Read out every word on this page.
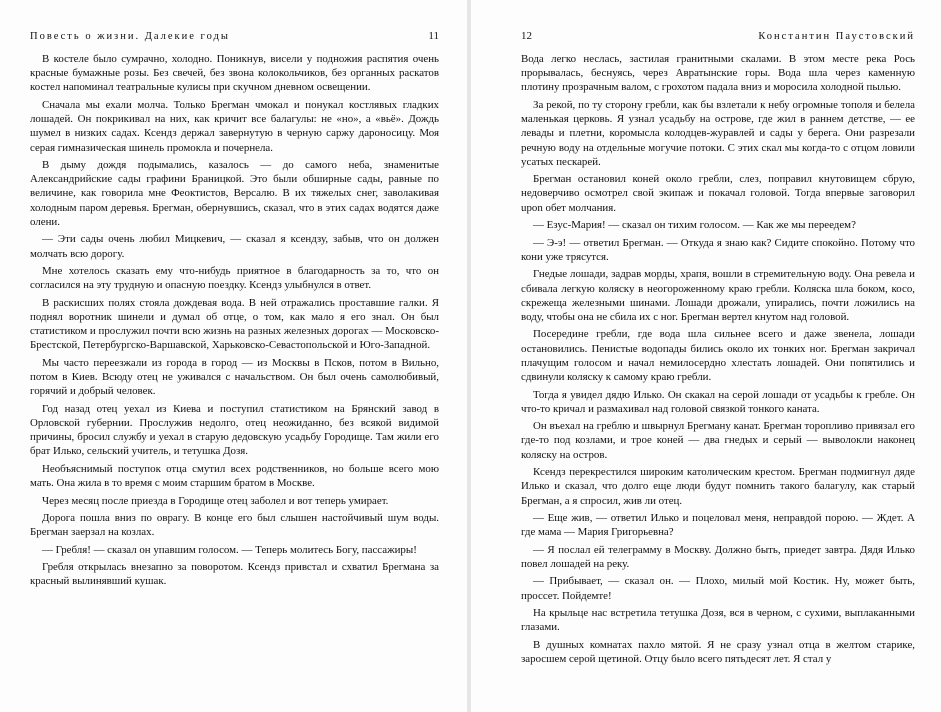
Повесть о жизни. Далекие годы	11

В костеле было сумрачно, холодно. Поникнув, висели у подножия распятия очень красные бумажные розы. Без свечей, без звона колокольчиков, без органных раскатов костел напоминал театральные кулисы при скучном дневном освещении.

Сначала мы ехали молча. Только Брегман чмокал и понукал костлявых гладких лошадей. Он покрикивал на них, как кричит все балагулы: не «но», а «вьё». Дождь шумел в низких садах. Ксендз держал завернутую в черную саржу дароносицу. Моя серая гимназическая шинель промокла и почернела.

В дыму дождя подымались, казалось — до самого неба, знаменитые Александрийские сады графини Браницкой. Это были обширные сады, равные по величине, как говорила мне Феоктистов, Версалю. В их тяжелых снег, заволакивая холодным паром деревья. Брегман, обернувшись, сказал, что в этих садах водятся даже олени.

— Эти сады очень любил Мицкевич, — сказал я ксендзу, забыв, что он должен молчать всю дорогу.

Мне хотелось сказать ему что-нибудь приятное в благодарность за то, что он согласился на эту трудную и опасную поездку. Ксендз улыбнулся в ответ.

В раскисших полях стояла дождевая вода. В ней отражались проставшие галки. Я поднял воротник шинели и думал об отце, о том, как мало я его знал. Он был статистиком и прослужил почти всю жизнь на разных железных дорогах — Московско-Брестской, Петербургско-Варшавской, Харьковско-Севастопольской и Юго-Западной.

Мы часто переезжали из города в город — из Москвы в Псков, потом в Вильно, потом в Киев. Всюду отец не уживался с начальством. Он был очень самолюбивый, горячий и добрый человек.

Год назад отец уехал из Киева и поступил статистиком на Брянский завод в Орловской губернии. Прослужив недолго, отец неожиданно, без всякой видимой причины, бросил службу и уехал в старую дедовскую усадьбу Городище. Там жили его брат Илько, сельский учитель, и тетушка Дозя.

Необъяснимый поступок отца смутил всех родственников, но больше всего мою мать. Она жила в то время с моим старшим братом в Москве.

Через месяц после приезда в Городище отец заболел и вот теперь умирает.

Дорога пошла вниз по оврагу. В конце его был слышен настойчивый шум воды. Брегман заерзал на козлах.

— Гребля! — сказал он упавшим голосом. — Теперь молитесь Богу, пассажиры!

Гребля открылась внезапно за поворотом. Ксендз привстал и схватил Брегмана за красный вылинявший кушак.

12	Константин Паустовский

Вода легко неслась, застилая гранитными скалами. В этом месте река Рось прорывалась, беснуясь, через Авратынские горы. Вода шла через каменную плотину прозрачным валом, с грохотом падала вниз и моросила холодной пылью.

За рекой, по ту сторону гребли, как бы взлетали к небу огромные тополя и белела маленькая церковь. Я узнал усадьбу на острове, где жил в раннем детстве, — ее левады и плетни, коромысла колодцев-журавлей и сады у берега. Они разрезали речную воду на отдельные могучие потоки. С этих скал мы когда-то с отцом ловили усатых пескарей.

Брегман остановил коней около гребли, слез, поправил кнутовищем сбрую, недоверчиво осмотрел свой экипаж и покачал головой. Тогда впервые заговорил upon обет молчания.

— Езус-Мария! — сказал он тихим голосом. — Как же мы переедем?

— Э-э! — ответил Брегман. — Откуда я знаю как? Сидите спокойно. Потому что кони уже трясутся.

Гнедые лошади, задрав морды, храпя, вошли в стремительную воду. Она ревела и сбивала легкую коляску в неогороженному краю гребли. Коляска шла боком, косо, скрежеща железными шинами. Лошади дрожали, упирались, почти ложились на воду, чтобы она не сбила их с ног. Брегман вертел кнутом над головой.

Посередине гребли, где вода шла сильнее всего и даже звенела, лошади остановились. Пенистые водопады бились около их тонких ног. Брегман закричал плачущим голосом и начал немилосердно хлестать лошадей. Они попятились и сдвинули коляску к самому краю гребли.

Тогда я увидел дядю Илько. Он скакал на серой лошади от усадьбы к гребле. Он что-то кричал и размахивал над головой связкой тонкого каната.

Он въехал на греблю и швырнул Брегману канат. Брегман торопливо привязал его где-то под козлами, и трое коней — два гнедых и серый — выволокли наконец коляску на остров.

Ксендз перекрестился широким католическим крестом. Брегман подмигнул дяде Илько и сказал, что долго еще люди будут помнить такого балагулу, как старый Брегман, а я спросил, жив ли отец.

— Еще жив, — ответил Илько и поцеловал меня, неправдой порою. — Ждет. А где мама — Мария Григорьевна?

— Я послал ей телеграмму в Москву. Должно быть, приедет завтра. Дядя Илько повел лошадей на реку.

— Прибывает, — сказал он. — Плохо, милый мой Костик. Ну, может быть, проссет. Пойдемте!

На крыльце нас встретила тетушка Дозя, вся в черном, с сухими, выплаканными глазами.

В душных комнатах пахло мятой. Я не сразу узнал отца в желтом старике, заросшем серой щетиной. Отцу было всего пятьдесят лет. Я стал у
